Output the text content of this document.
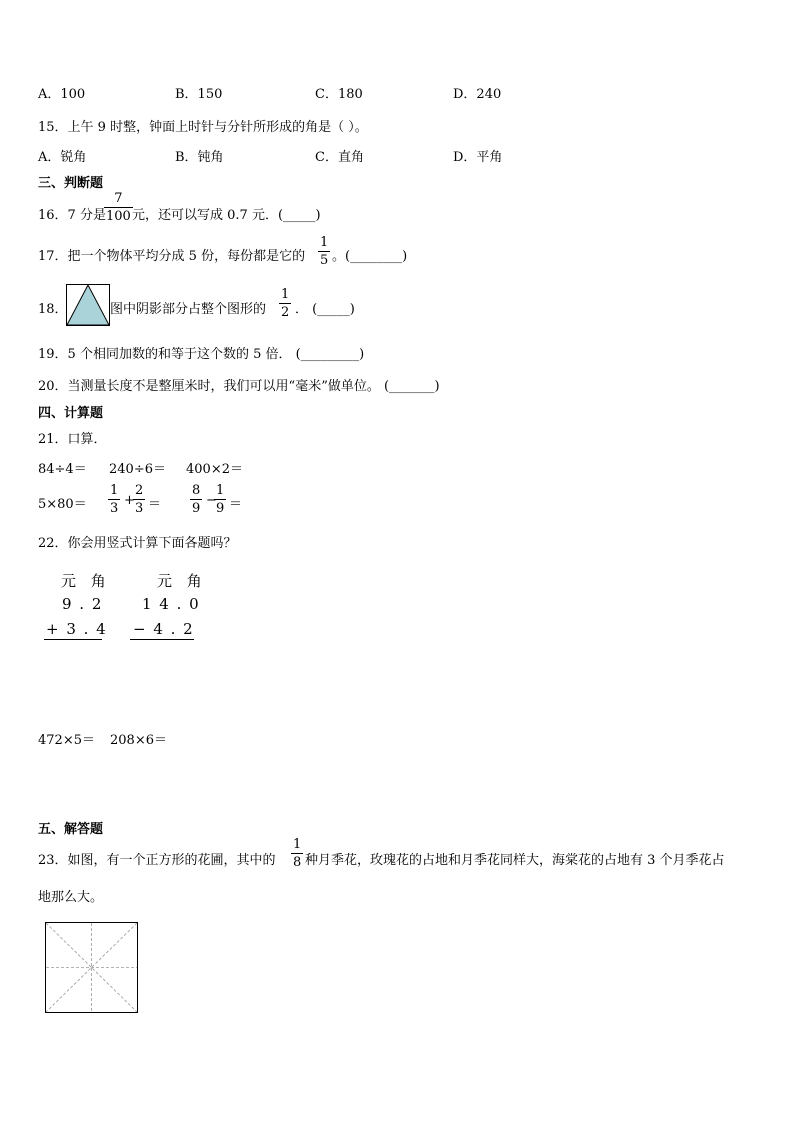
A．100	B．150	C．180	D．240
15．上午 9 时整，钟面上时针与分针所形成的角是（ ）。
A．锐角	B．钝角	C．直角	D．平角
三、判断题
16．7 分是
7
100 元，还可以写成 0.7 元．(_____)
17．把一个物体平均分成 5 份，每份都是它的
1
5 。(________)
18．	图中阴影部分占整个图形的
1
2 ． (_____)
19．5 个相同加数的和等于这个数的 5 倍． (_________)
20．当测量长度不是整厘米时，我们可以用“毫米”做单位。 (_______)
四、计算题
21．口算．
84÷4＝ 240÷6＝ 400×2＝
5×80＝
1
3
+
2
3 ＝
8
9
−
1
9 ＝
22．你会用竖式计算下面各题吗？
元 角
9 . 2
+ 3 . 4
元 角
1 4 . 0
− 4 . 2
472×5＝ 208×6＝
五、解答题
23．如图，有一个正方形的花圃，其中的
1
8 种月季花，玫瑰花的占地和月季花同样大，海棠花的占地有 3 个月季花占
地那么大。
